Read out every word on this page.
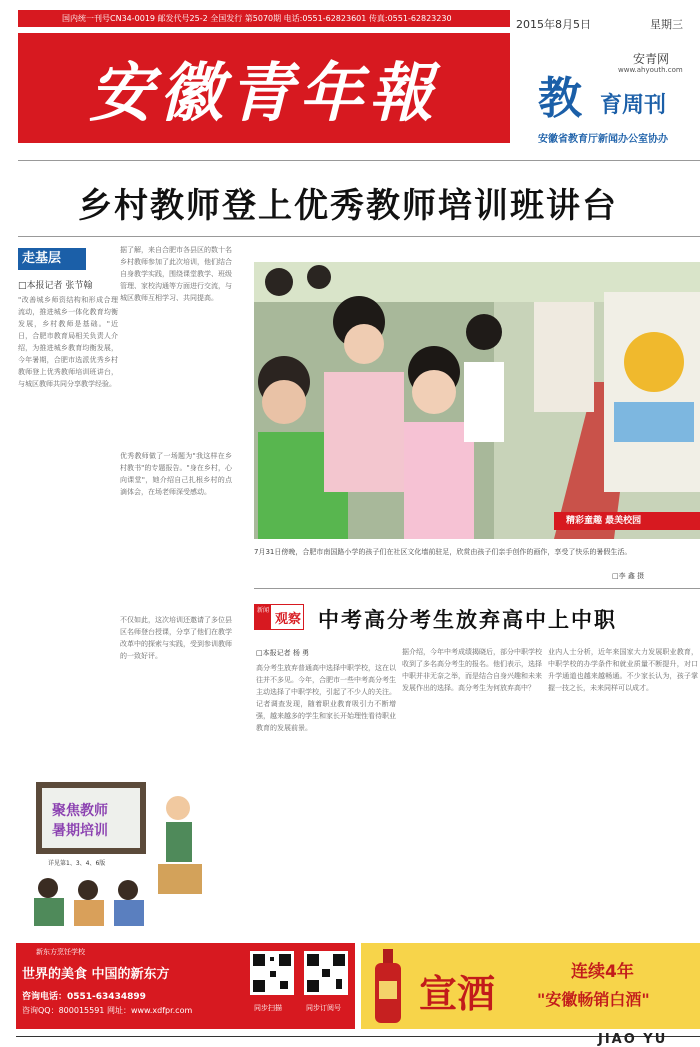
国内统一刊号CN34-0019 邮发代号25-2 全国发行 第5070期 电话:0551-62823601 传真:0551-62823230	2015年8月5日	星期三
安徽青年報	安青网
www.ahyouth.com
教 育周刊
安徽省教育厅新闻办公室协办
乡村教师登上优秀教师培训班讲台
走基层
□本报记者 张节翰
"改善城乡师资结构和形成合理流动，推进城乡一体化教育均衡发展，乡村教师是基础。"近日，合肥市教育局相关负责人介绍，为推进城乡教育均衡发展，今年暑期，合肥市选派优秀乡村教师登上优秀教师培训班讲台，与城区教师共同分享教学经验。
据了解，来自合肥市各县区的数十名乡村教师参加了此次培训，他们结合自身教学实践，围绕课堂教学、班级管理、家校沟通等方面进行交流，与城区教师互相学习、共同提高。
优秀教师做了一场题为"我这样在乡村教书"的专题报告。"身在乡村，心向课堂"，她介绍自己扎根乡村的点滴体会，在场老师深受感动。
不仅如此，这次培训还邀请了多位县区名师登台授课，分享了他们在教学改革中的探索与实践，受到参训教师的一致好评。
精彩童趣 最美校园
7月31日傍晚，合肥市南国路小学的孩子们在社区文化墙前驻足，欣赏由孩子们亲手创作的画作，享受了快乐的暑假生活。
□李 鑫 摄
新闻
观察 中考高分考生放弃高中上中职
□本报记者 杨 勇
高分考生放弃普通高中选择中职学校，这在以往并不多见。今年，合肥市一些中考高分考生主动选择了中职学校，引起了不少人的关注。记者调查发现，随着职业教育吸引力不断增强，越来越多的学生和家长开始理性看待职业教育的发展前景。
据介绍，今年中考成绩揭晓后，部分中职学校收到了多名高分考生的报名。他们表示，选择中职并非无奈之举，而是结合自身兴趣和未来发展作出的选择。高分考生为何放弃高中？
业内人士分析，近年来国家大力发展职业教育，中职学校的办学条件和就业质量不断提升，对口升学通道也越来越畅通。不少家长认为，孩子掌握一技之长，未来同样可以成才。
聚焦教师
暑期培训
详见第1、3、4、6版
新东方烹饪学校
世界的美食 中国的新东方
咨询电话：0551-63434899
咨询QQ：800015591 网址：www.xdfpr.com	同步扫描	同步订阅号 宣酒	连续4年
"安徽畅销白酒"
JIAO YU
